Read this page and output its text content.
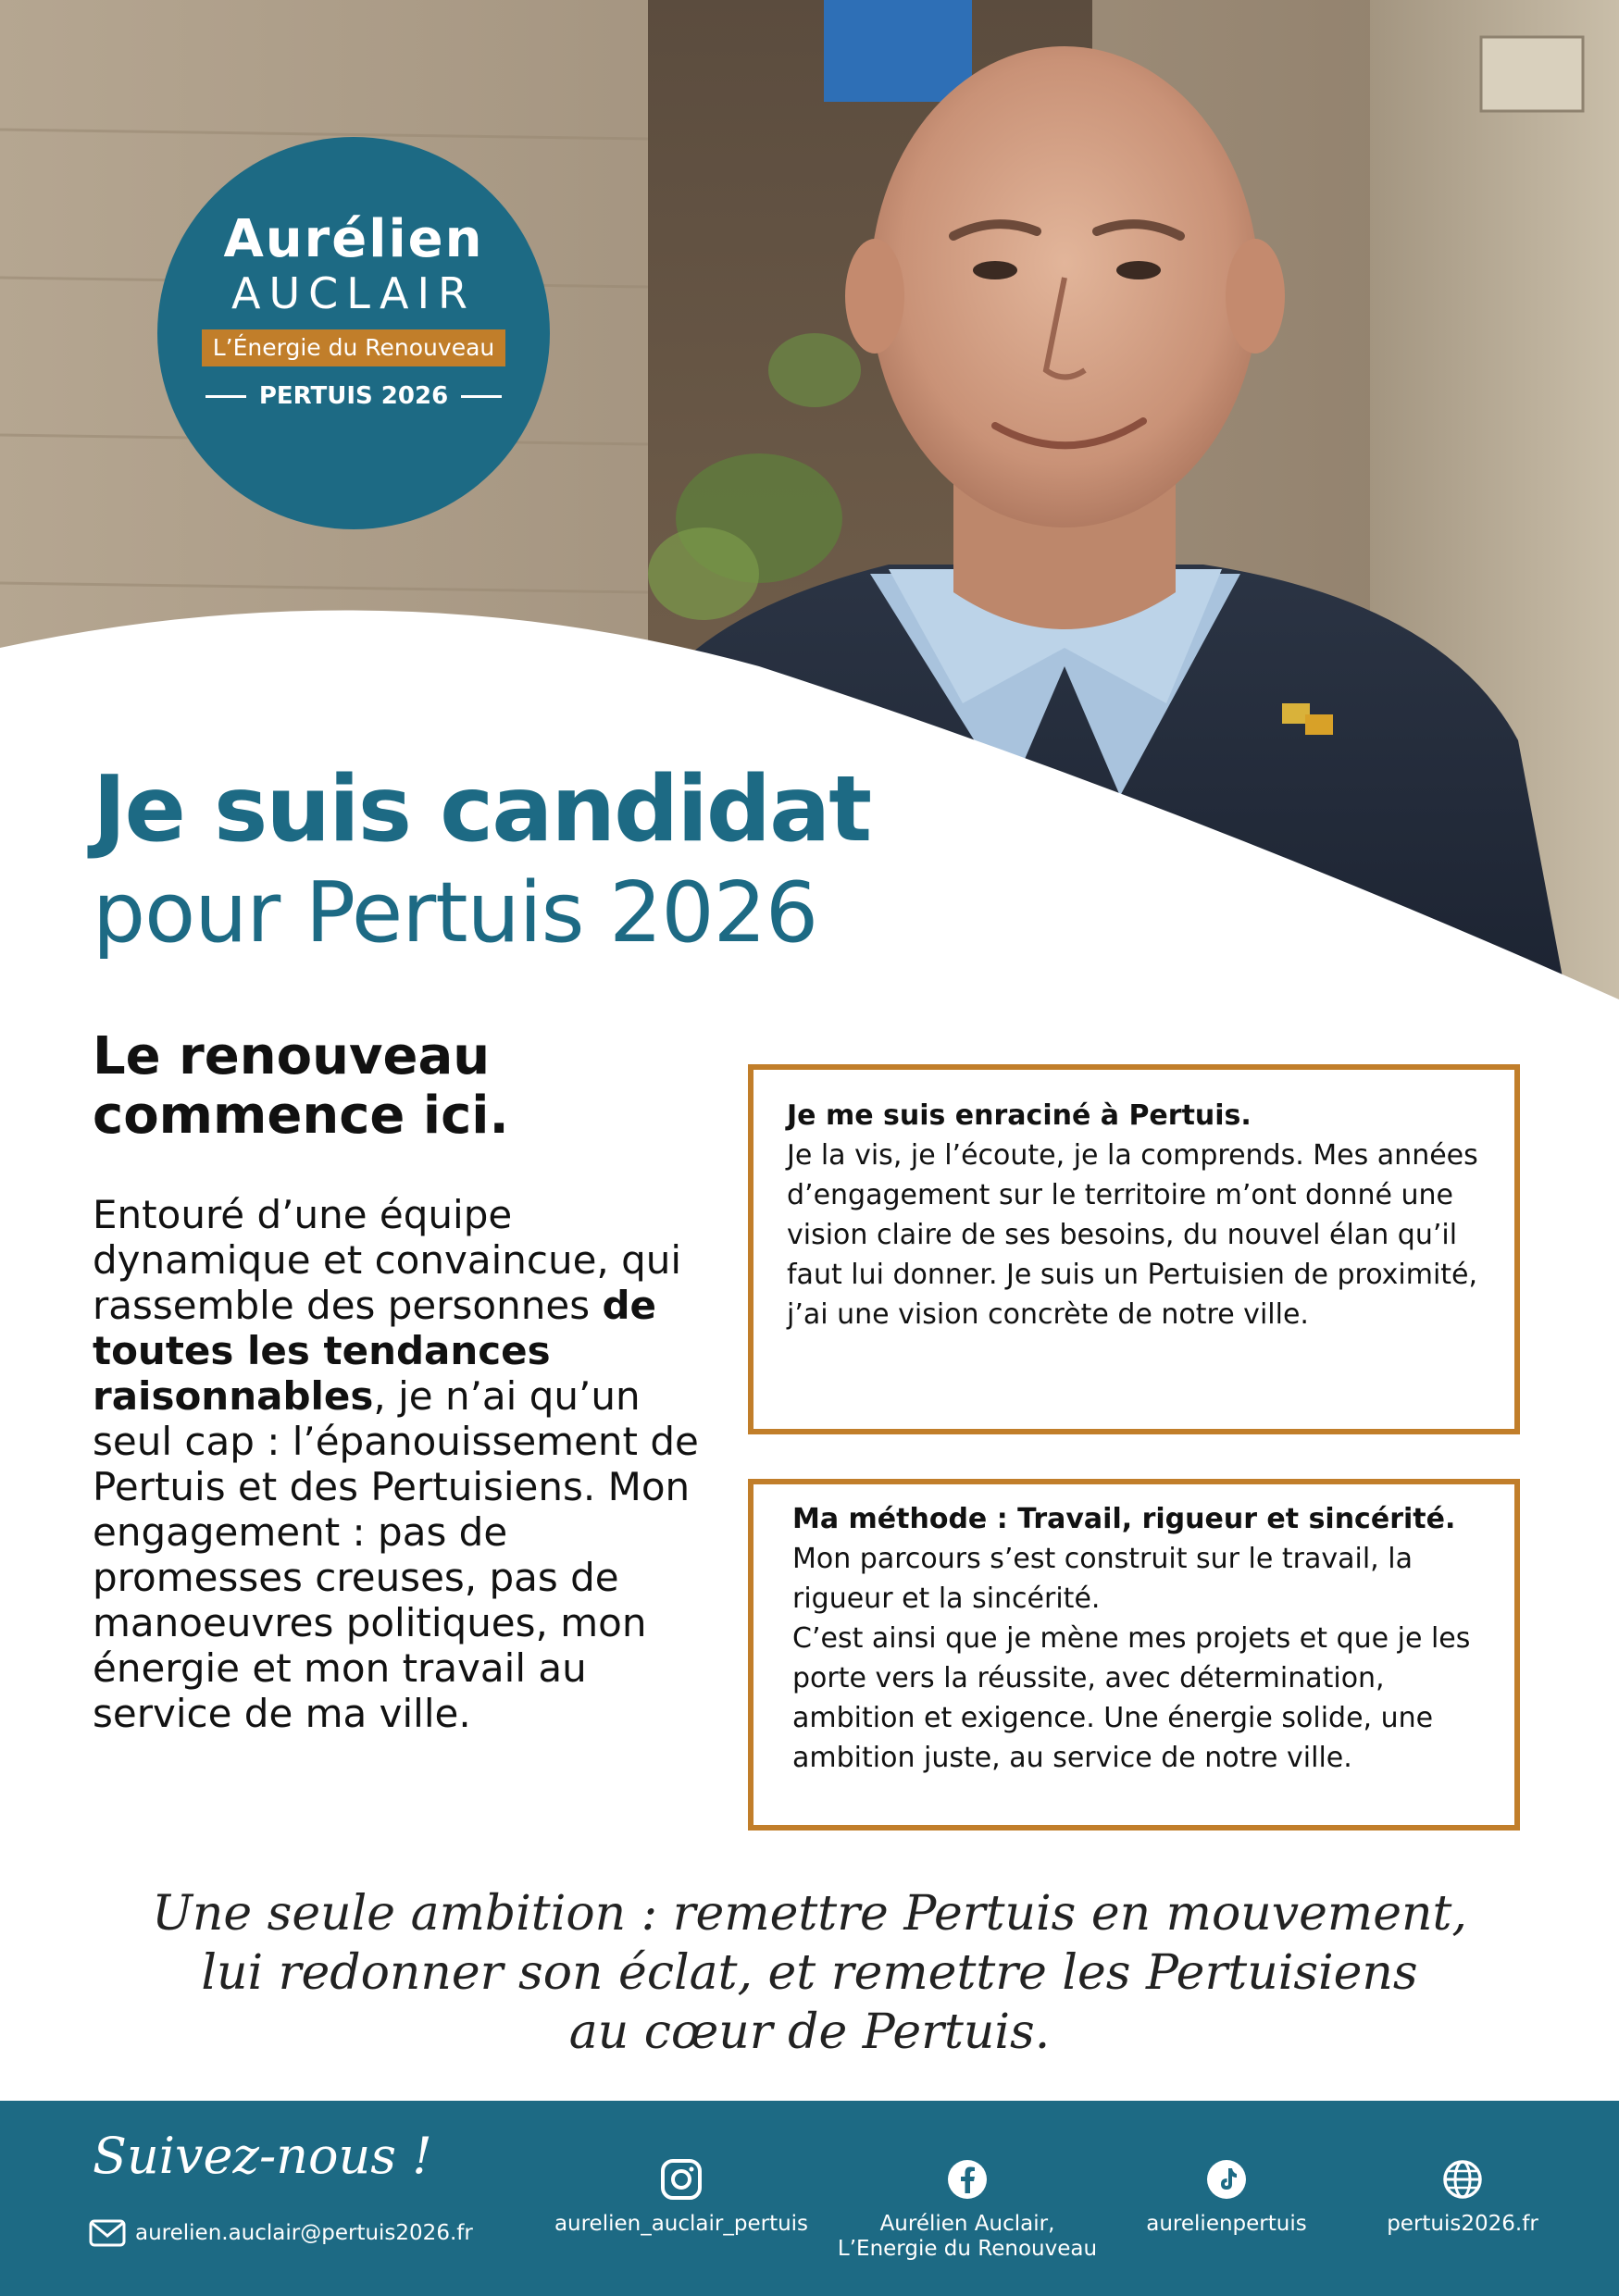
Aurélien
AUCLAIR
L’Énergie du Renouveau
PERTUIS 2026
Je suis candidat
pour Pertuis 2026
Le renouveau
commence ici.
Entouré d’une équipe dynamique et convaincue, qui rassemble des personnes de toutes les tendances raisonnables, je n’ai qu’un seul cap : l’épanouissement de Pertuis et des Pertuisiens. Mon engagement : pas de promesses creuses, pas de manoeuvres politiques, mon énergie et mon travail au service de ma ville.
Je me suis enraciné à Pertuis.
Je la vis, je l’écoute, je la comprends. Mes années d’engagement sur le territoire m’ont donné une vision claire de ses besoins, du nouvel élan qu’il faut lui donner. Je suis un Pertuisien de proximité, j’ai une vision concrète de notre ville.
Ma méthode : Travail, rigueur et sincérité.
Mon parcours s’est construit sur le travail, la rigueur et la sincérité.
C’est ainsi que je mène mes projets et que je les porte vers la réussite, avec détermination, ambition et exigence. Une énergie solide, une ambition juste, au service de notre ville.
Une seule ambition : remettre Pertuis en mouvement,
lui redonner son éclat, et remettre les Pertuisiens
au cœur de Pertuis.
Suivez-nous !
aurelien.auclair@pertuis2026.fr	aurelien_auclair_pertuis	Aurélien Auclair,
L’Energie du Renouveau
aurelienpertuis	pertuis2026.fr
